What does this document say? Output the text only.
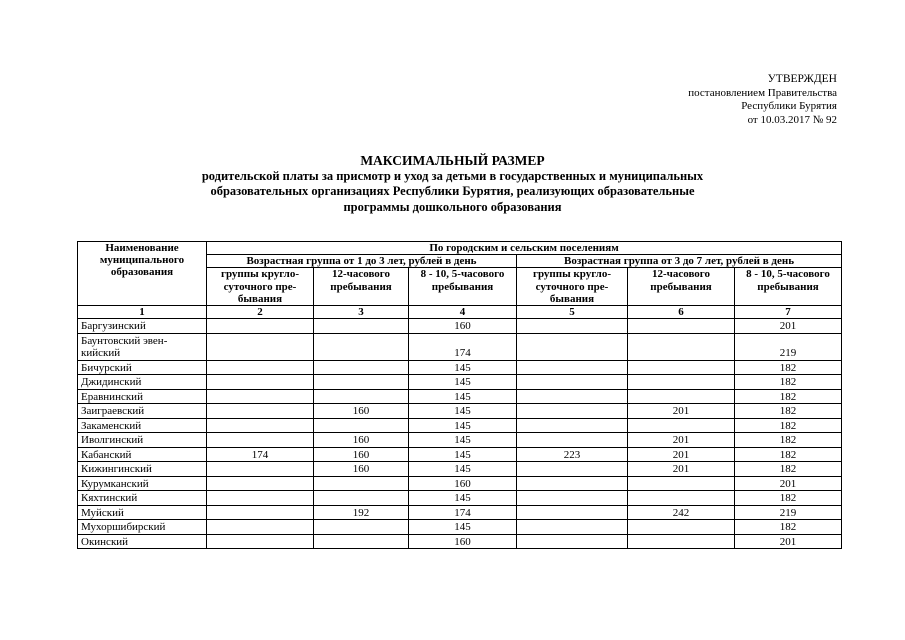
УТВЕРЖДЕН
постановлением Правительства
Республики Бурятия
от 10.03.2017 № 92
МАКСИМАЛЬНЫЙ РАЗМЕР
родительской платы за присмотр и уход за детьми в государственных и муниципальных
образовательных организациях Республики Бурятия, реализующих образовательные
программы дошкольного образования
Наименование муниципального образования	По городским и сельским поселениям					
	Возрастная группа от 1 до 3 лет, рублей в день			Возрастная группа от 3 до 7 лет, рублей в день		
	группы кругло-суточного пре-бывания	12-часового пребывания	8 - 10, 5-часового пребывания	группы кругло-суточного пре-бывания	12-часового пребывания	8 - 10, 5-часового пребывания
1	2	3	4	5	6	7
Баргузинский			160			201
Баунтовский эвен-кийский			174			219
Бичурский			145			182
Джидинский			145			182
Еравнинский			145			182
Заиграевский		160	145		201	182
Закаменский			145			182
Иволгинский		160	145		201	182
Кабанский	174	160	145	223	201	182
Кижингинский		160	145		201	182
Курумканский			160			201
Кяхтинский			145			182
Муйский		192	174		242	219
Мухоршибирский			145			182
Окинский			160			201
